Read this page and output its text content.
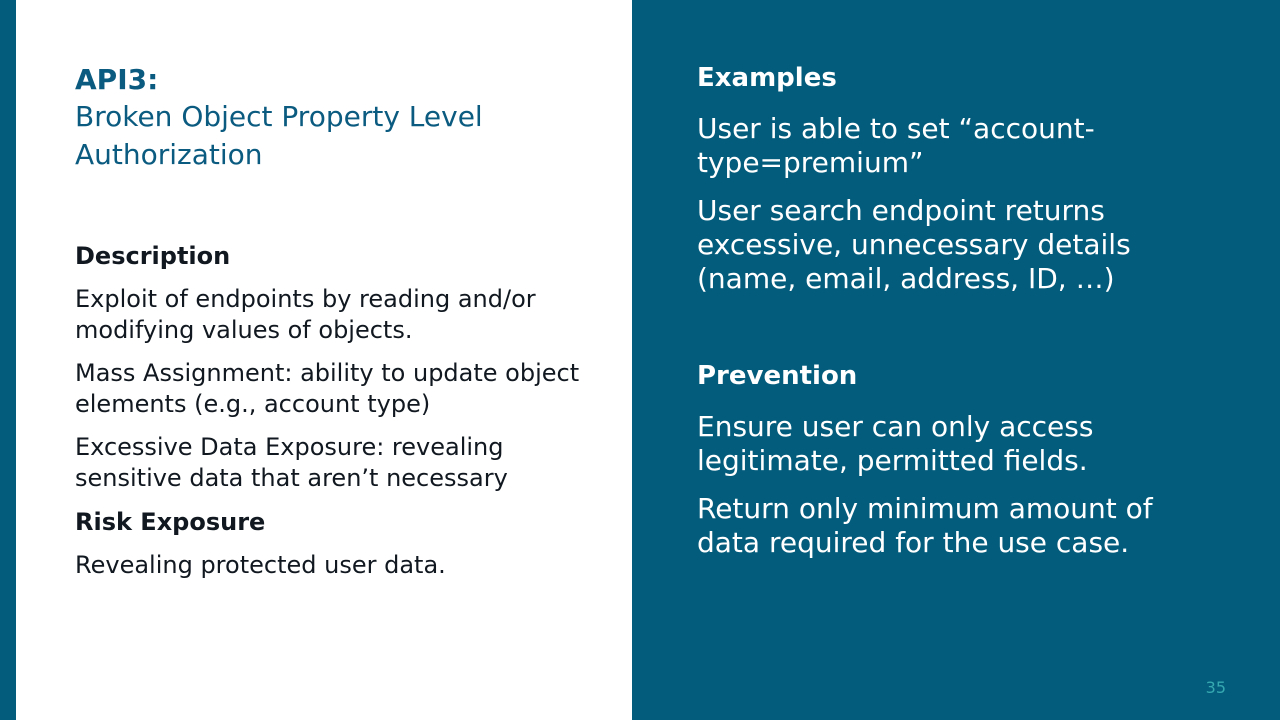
API3:

Broken Object Property Level Authorization

Description

Exploit of endpoints by reading and/or modifying values of objects.

Mass Assignment: ability to update object elements (e.g., account type)

Excessive Data Exposure: revealing sensitive data that aren’t necessary

Risk Exposure

Revealing protected user data.

Examples

User is able to set “account-type=premium”

User search endpoint returns excessive, unnecessary details (name, email, address, ID, …)

Prevention

Ensure user can only access legitimate, permitted fields.

Return only minimum amount of data required for the use case.

35
